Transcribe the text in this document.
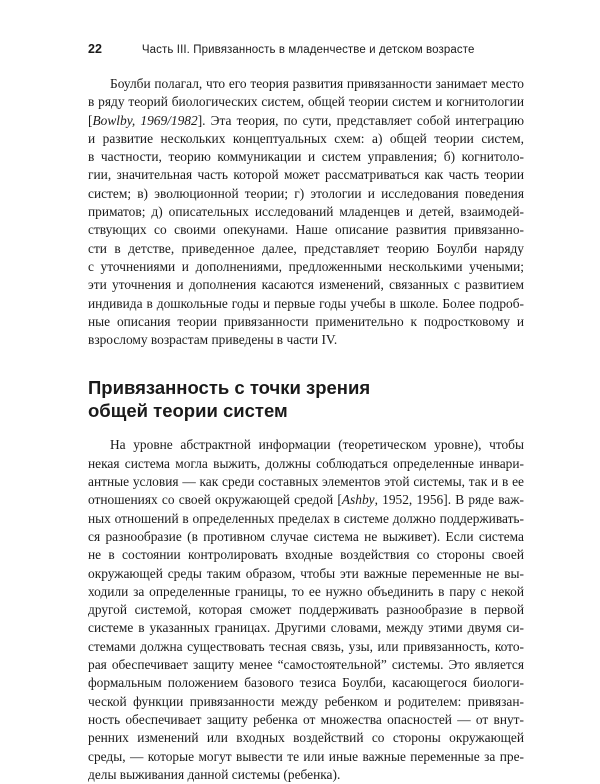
22	Часть III. Привязанность в младенчестве и детском возрасте

Боулби полагал, что его теория развития привязанности занимает место
в ряду теорий биологических систем, общей теории систем и когнитологии
[Bowlby, 1969/1982]. Эта теория, по сути, представляет собой интеграцию
и развитие нескольких концептуальных схем: а) общей теории систем,
в частности, теорию коммуникации и систем управления; б) когнитоло-
гии, значительная часть которой может рассматриваться как часть теории
систем; в) эволюционной теории; г) этологии и исследования поведения
приматов; д) описательных исследований младенцев и детей, взаимодей-
ствующих со своими опекунами. Наше описание развития привязанно-
сти в детстве, приведенное далее, представляет теорию Боулби наряду
с уточнениями и дополнениями, предложенными несколькими учеными;
эти уточнения и дополнения касаются изменений, связанных с развитием
индивида в дошкольные годы и первые годы учебы в школе. Более подроб-
ные описания теории привязанности применительно к подростковому и
взрослому возрастам приведены в части IV.

Привязанность с точки зрения
общей теории систем

На уровне абстрактной информации (теоретическом уровне), чтобы
некая система могла выжить, должны соблюдаться определенные инвари-
антные условия — как среди составных элементов этой системы, так и в ее
отношениях со своей окружающей средой [Ashby, 1952, 1956]. В ряде важ-
ных отношений в определенных пределах в системе должно поддерживать-
ся разнообразие (в противном случае система не выживет). Если система
не в состоянии контролировать входные воздействия со стороны своей
окружающей среды таким образом, чтобы эти важные переменные не вы-
ходили за определенные границы, то ее нужно объединить в пару с некой
другой системой, которая сможет поддерживать разнообразие в первой
системе в указанных границах. Другими словами, между этими двумя си-
стемами должна существовать тесная связь, узы, или привязанность, кото-
рая обеспечивает защиту менее “самостоятельной” системы. Это является
формальным положением базового тезиса Боулби, касающегося биологи-
ческой функции привязанности между ребенком и родителем: привязан-
ность обеспечивает защиту ребенка от множества опасностей — от внут-
ренних изменений или входных воздействий со стороны окружающей
среды, — которые могут вывести те или иные важные переменные за пре-
делы выживания данной системы (ребенка).
